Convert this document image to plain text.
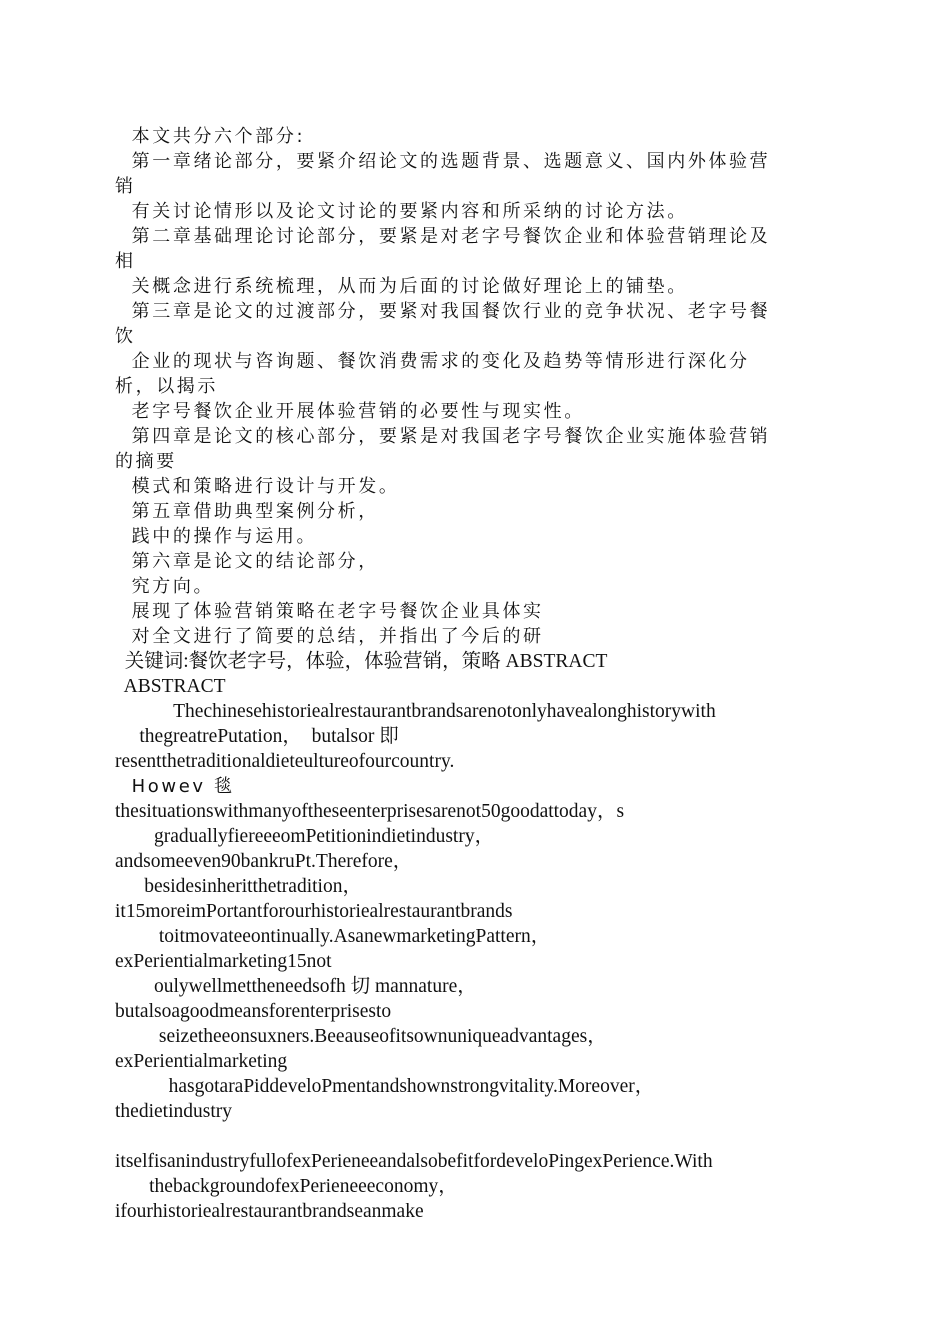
本文共分六个部分:

第一章绪论部分，要紧介绍论文的选题背景、选题意义、国内外体验营

销

有关讨论情形以及论文讨论的要紧内容和所采纳的讨论方法。

第二章基础理论讨论部分，要紧是对老字号餐饮企业和体验营销理论及

相

关概念进行系统梳理，从而为后面的讨论做好理论上的铺垫。

第三章是论文的过渡部分，要紧对我国餐饮行业的竞争状况、老字号餐

饮

企业的现状与咨询题、餐饮消费需求的变化及趋势等情形进行深化分

析，以揭示

老字号餐饮企业开展体验营销的必要性与现实性。

第四章是论文的核心部分，要紧是对我国老字号餐饮企业实施体验营销

的摘要

模式和策略进行设计与开发。

第五章借助典型案例分析，

践中的操作与运用。

第六章是论文的结论部分，

究方向。

展现了体验营销策略在老字号餐饮企业具体实

对全文进行了简要的总结，并指出了今后的研

关键词:餐饮老字号，体验，体验营销，策略 ABSTRACT

ABSTRACT

Thechinesehistoriealrestaurantbrandsarenotonlyhavealonghistorywith

thegreatrePutation，  butalsor 即

resentthetraditionaldieteultureofourcountry.

Howev 毯

thesituationswithmanyoftheseenterprisesarenot50goodattoday，s

graduallyfiereeeomPetitionindietindustry，

andsomeeven90bankruPt.Therefore，

besidesinheritthetradition，

it15moreimPortantforourhistoriealrestaurantbrands

toitmovateeontinually.AsanewmarketingPattern，

exPerientialmarketing15not

oulywellmettheneedsofh 切 mannature，

butalsoagoodmeansforenterprisesto

seizetheeonsuxners.Beeauseofitsownuniqueadvantages，

exPerientialmarketing

hasgotaraPiddeveloPmentandshownstrongvitality.Moreover，

thedietindustry

itselfisanindustryfullofexPerieneeandalsobefitfordeveloPingexPerience.With

thebackgroundofexPerieneeeconomy，

ifourhistoriealrestaurantbrandseanmake
